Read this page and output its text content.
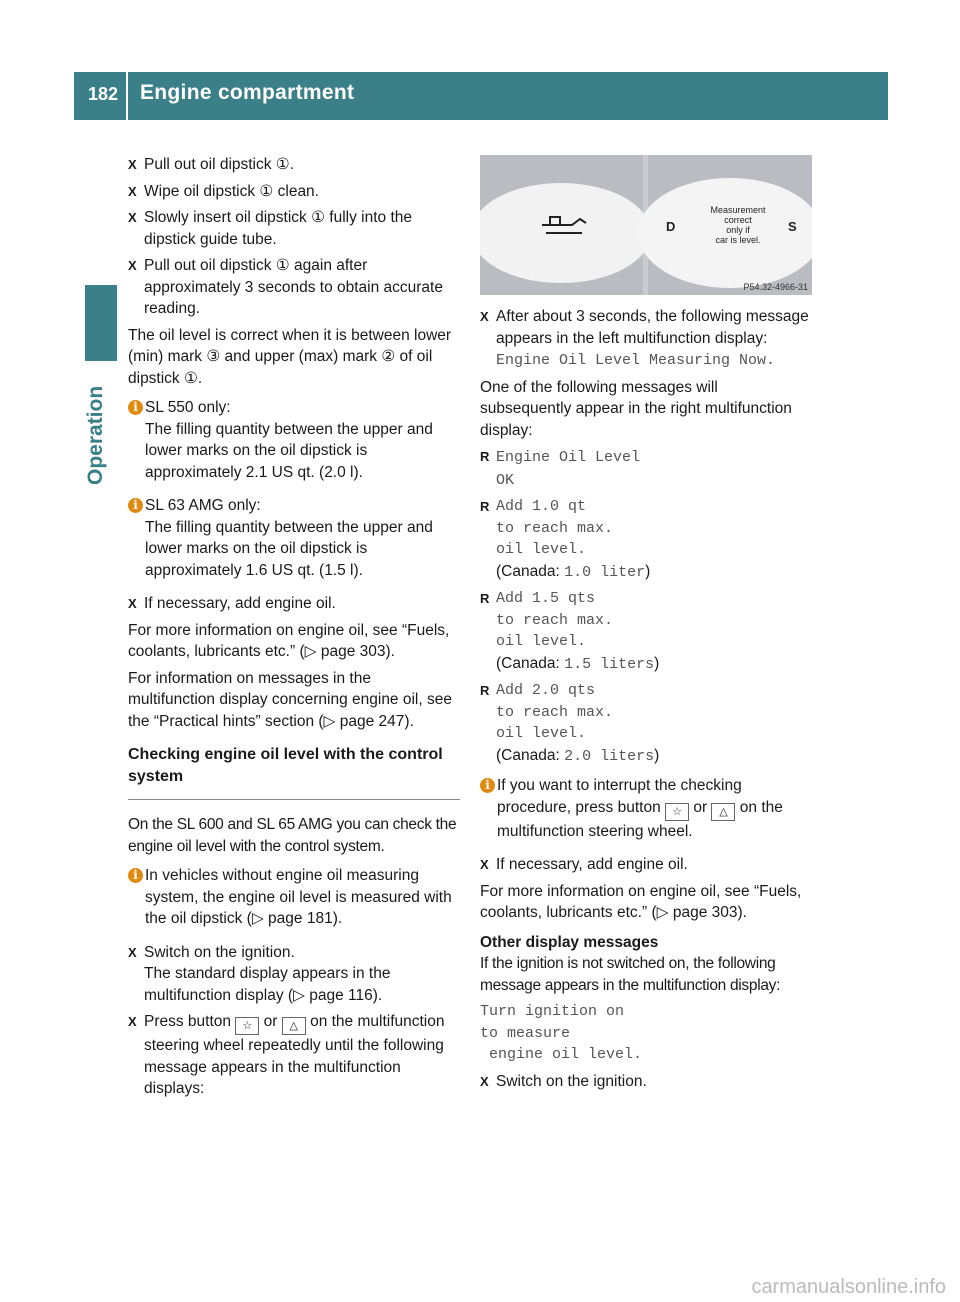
182 Engine compartment
Operation

X Pull out oil dipstick ①.

X Wipe oil dipstick ① clean.

X Slowly insert oil dipstick ① fully into the dipstick guide tube.

X Pull out oil dipstick ① again after approximately 3 seconds to obtain accurate reading.

The oil level is correct when it is between lower (min) mark ③ and upper (max) mark ② of oil dipstick ①.

i SL 550 only:
The filling quantity between the upper and lower marks on the oil dipstick is approximately 2.1 US qt. (2.0 l).
i SL 63 AMG only:
The filling quantity between the upper and lower marks on the oil dipstick is approximately 1.6 US qt. (1.5 l).

X If necessary, add engine oil.

For more information on engine oil, see “Fuels, coolants, lubricants etc.” (▷ page 303).

For information on messages in the multifunction display concerning engine oil, see the “Practical hints” section (▷ page 247).

Checking engine oil level with the control system

On the SL 600 and SL 65 AMG you can check the engine oil level with the control system.

i In vehicles without engine oil measuring system, the engine oil level is measured with the oil dipstick (▷ page 181).
X Switch on the ignition.
The standard display appears in the multifunction display (▷ page 116).

X Press button ☆ or △ on the multifunction steering wheel repeatedly until the following message appears in the multifunction displays:

Measurement
correct
only if
car is level.
D	S
P54.32-4966-31

X After about 3 seconds, the following message appears in the left multifunction display: Engine Oil Level Measuring Now.

One of the following messages will subsequently appear in the right multifunction display:

R Engine Oil Level
OK

R Add 1.0 qt
to reach max.
oil level.
(Canada: 1.0 liter)

R Add 1.5 qts
to reach max.
oil level.
(Canada: 1.5 liters)

R Add 2.0 qts
to reach max.
oil level.
(Canada: 2.0 liters)

i If you want to interrupt the checking procedure, press button ☆ or △ on the multifunction steering wheel.

X If necessary, add engine oil.

For more information on engine oil, see “Fuels, coolants, lubricants etc.” (▷ page 303).

Other display messages

If the ignition is not switched on, the following message appears in the multifunction display:

Turn ignition on
to measure
engine oil level.

X Switch on the ignition.

carmanualsonline.info
